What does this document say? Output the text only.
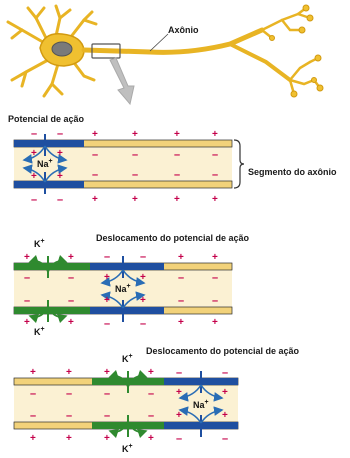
Axônio
Potencial de ação
Na+
– –	+	+	+	+
+ +	–	–	–	–
+ +	–	–	–	–
– –	+	+	+	+
Segmento do axônio
Deslocamento do potencial de ação
K+
K+
Na+
+	+	–	–	+	+
–	–	+	+	–	–
–	–	+	+	–	–
+	+	–	–	+	+
Deslocamento do potencial de ação
K+
K+
Na+
+	+	+	+ –	–
–	–	–	– +	+
–	–	–	– +	+
+	+	+	+ –	–
